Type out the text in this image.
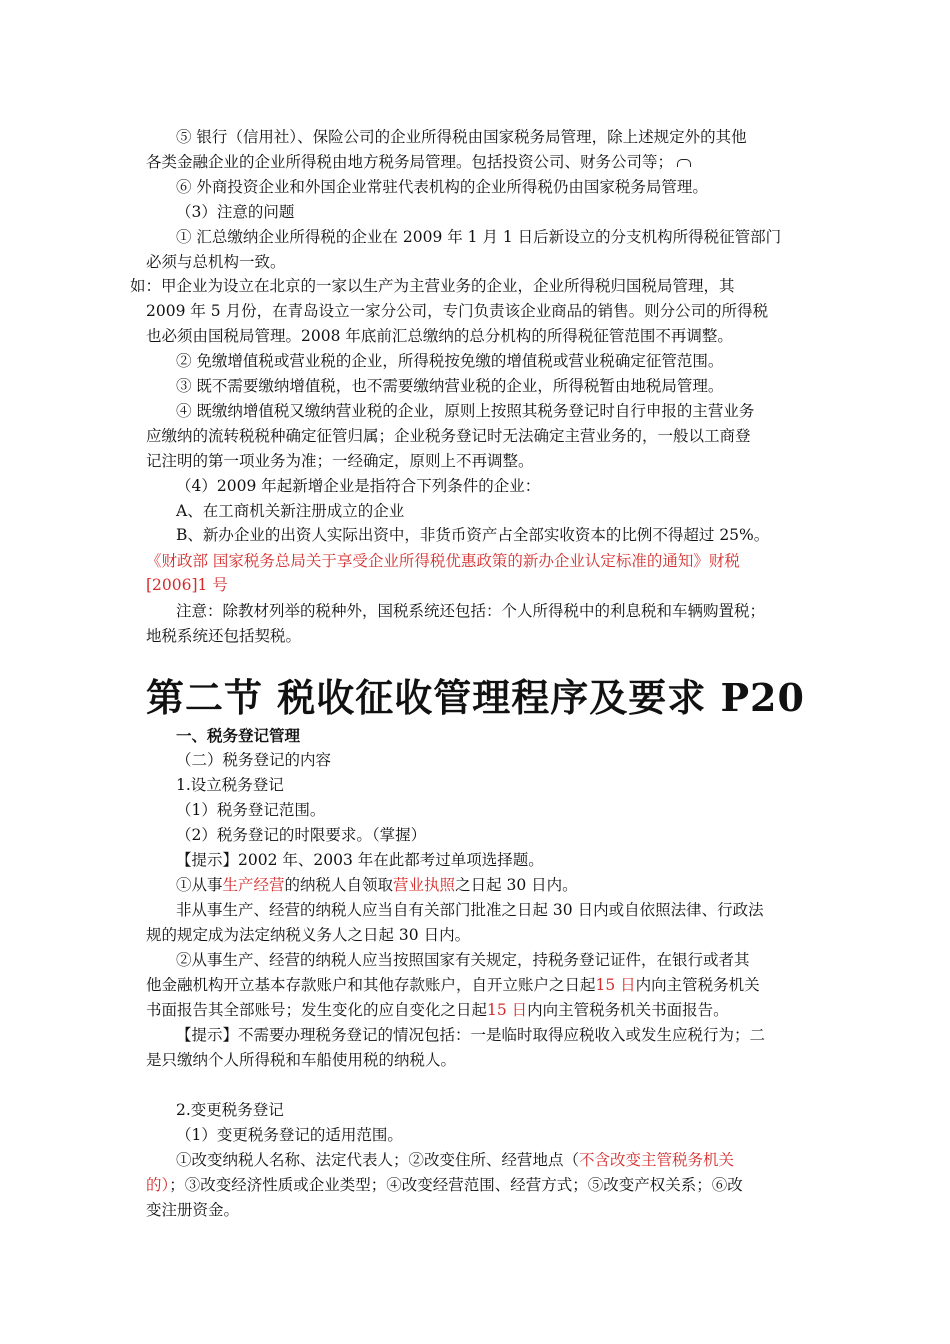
⑤ 银行（信用社）、保险公司的企业所得税由国家税务局管理，除上述规定外的其他
各类金融企业的企业所得税由地方税务局管理。包括投资公司、财务公司等；
⑥ 外商投资企业和外国企业常驻代表机构的企业所得税仍由国家税务局管理。
（3）注意的问题
① 汇总缴纳企业所得税的企业在 2009 年 1 月 1 日后新设立的分支机构所得税征管部门
必须与总机构一致。
如：甲企业为设立在北京的一家以生产为主营业务的企业，企业所得税归国税局管理，其
2009 年 5 月份，在青岛设立一家分公司，专门负责该企业商品的销售。则分公司的所得税
也必须由国税局管理。2008 年底前汇总缴纳的总分机构的所得税征管范围不再调整。
② 免缴增值税或营业税的企业，所得税按免缴的增值税或营业税确定征管范围。
③ 既不需要缴纳增值税，也不需要缴纳营业税的企业，所得税暂由地税局管理。
④ 既缴纳增值税又缴纳营业税的企业，原则上按照其税务登记时自行申报的主营业务
应缴纳的流转税税种确定征管归属；企业税务登记时无法确定主营业务的，一般以工商登
记注明的第一项业务为准；一经确定，原则上不再调整。
（4）2009 年起新增企业是指符合下列条件的企业：
A、在工商机关新注册成立的企业
B、新办企业的出资人实际出资中，非货币资产占全部实收资本的比例不得超过 25%。
《财政部 国家税务总局关于享受企业所得税优惠政策的新办企业认定标准的通知》财税
[2006]1 号
注意：除教材列举的税种外，国税系统还包括：个人所得税中的利息税和车辆购置税；
地税系统还包括契税。
第二节 税收征收管理程序及要求 P20
一、税务登记管理
（二）税务登记的内容
1.设立税务登记
（1）税务登记范围。
（2）税务登记的时限要求。（掌握）
【提示】2002 年、2003 年在此都考过单项选择题。
①从事生产经营的纳税人自领取营业执照之日起 30 日内。
非从事生产、经营的纳税人应当自有关部门批准之日起 30 日内或自依照法律、行政法
规的规定成为法定纳税义务人之日起 30 日内。
②从事生产、经营的纳税人应当按照国家有关规定，持税务登记证件，在银行或者其
他金融机构开立基本存款账户和其他存款账户，自开立账户之日起15 日内向主管税务机关
书面报告其全部账号；发生变化的应自变化之日起15 日内向主管税务机关书面报告。
【提示】不需要办理税务登记的情况包括：一是临时取得应税收入或发生应税行为；二
是只缴纳个人所得税和车船使用税的纳税人。
2.变更税务登记
（1）变更税务登记的适用范围。
①改变纳税人名称、法定代表人；②改变住所、经营地点（不含改变主管税务机关
的）；③改变经济性质或企业类型；④改变经营范围、经营方式；⑤改变产权关系；⑥改
变注册资金。
